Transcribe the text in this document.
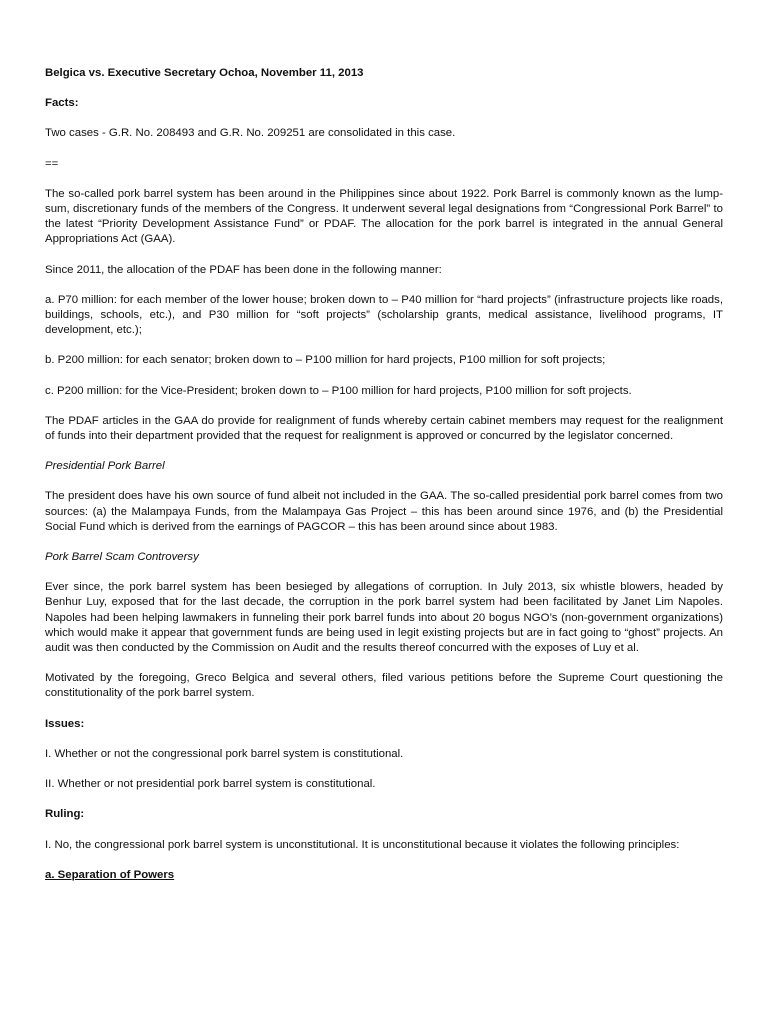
Belgica vs. Executive Secretary Ochoa, November 11, 2013
Facts:
Two cases - G.R. No. 208493 and G.R. No. 209251 are consolidated in this case.
==
The so-called pork barrel system has been around in the Philippines since about 1922. Pork Barrel is commonly known as the lump-sum, discretionary funds of the members of the Congress. It underwent several legal designations from “Congressional Pork Barrel” to the latest “Priority Development Assistance Fund” or PDAF. The allocation for the pork barrel is integrated in the annual General Appropriations Act (GAA).
Since 2011, the allocation of the PDAF has been done in the following manner:
a. P70 million: for each member of the lower house; broken down to – P40 million for “hard projects” (infrastructure projects like roads, buildings, schools, etc.), and P30 million for “soft projects” (scholarship grants, medical assistance, livelihood programs, IT development, etc.);
b. P200 million: for each senator; broken down to – P100 million for hard projects, P100 million for soft projects;
c. P200 million: for the Vice-President; broken down to – P100 million for hard projects, P100 million for soft projects.
The PDAF articles in the GAA do provide for realignment of funds whereby certain cabinet members may request for the realignment of funds into their department provided that the request for realignment is approved or concurred by the legislator concerned.
Presidential Pork Barrel
The president does have his own source of fund albeit not included in the GAA. The so-called presidential pork barrel comes from two sources: (a) the Malampaya Funds, from the Malampaya Gas Project – this has been around since 1976, and (b) the Presidential Social Fund which is derived from the earnings of PAGCOR – this has been around since about 1983.
Pork Barrel Scam Controversy
Ever since, the pork barrel system has been besieged by allegations of corruption. In July 2013, six whistle blowers, headed by Benhur Luy, exposed that for the last decade, the corruption in the pork barrel system had been facilitated by Janet Lim Napoles. Napoles had been helping lawmakers in funneling their pork barrel funds into about 20 bogus NGO’s (non-government organizations) which would make it appear that government funds are being used in legit existing projects but are in fact going to “ghost” projects. An audit was then conducted by the Commission on Audit and the results thereof concurred with the exposes of Luy et al.
Motivated by the foregoing, Greco Belgica and several others, filed various petitions before the Supreme Court questioning the constitutionality of the pork barrel system.
Issues:
I. Whether or not the congressional pork barrel system is constitutional.
II. Whether or not presidential pork barrel system is constitutional.
Ruling:
I. No, the congressional pork barrel system is unconstitutional. It is unconstitutional because it violates the following principles:
a. Separation of Powers
